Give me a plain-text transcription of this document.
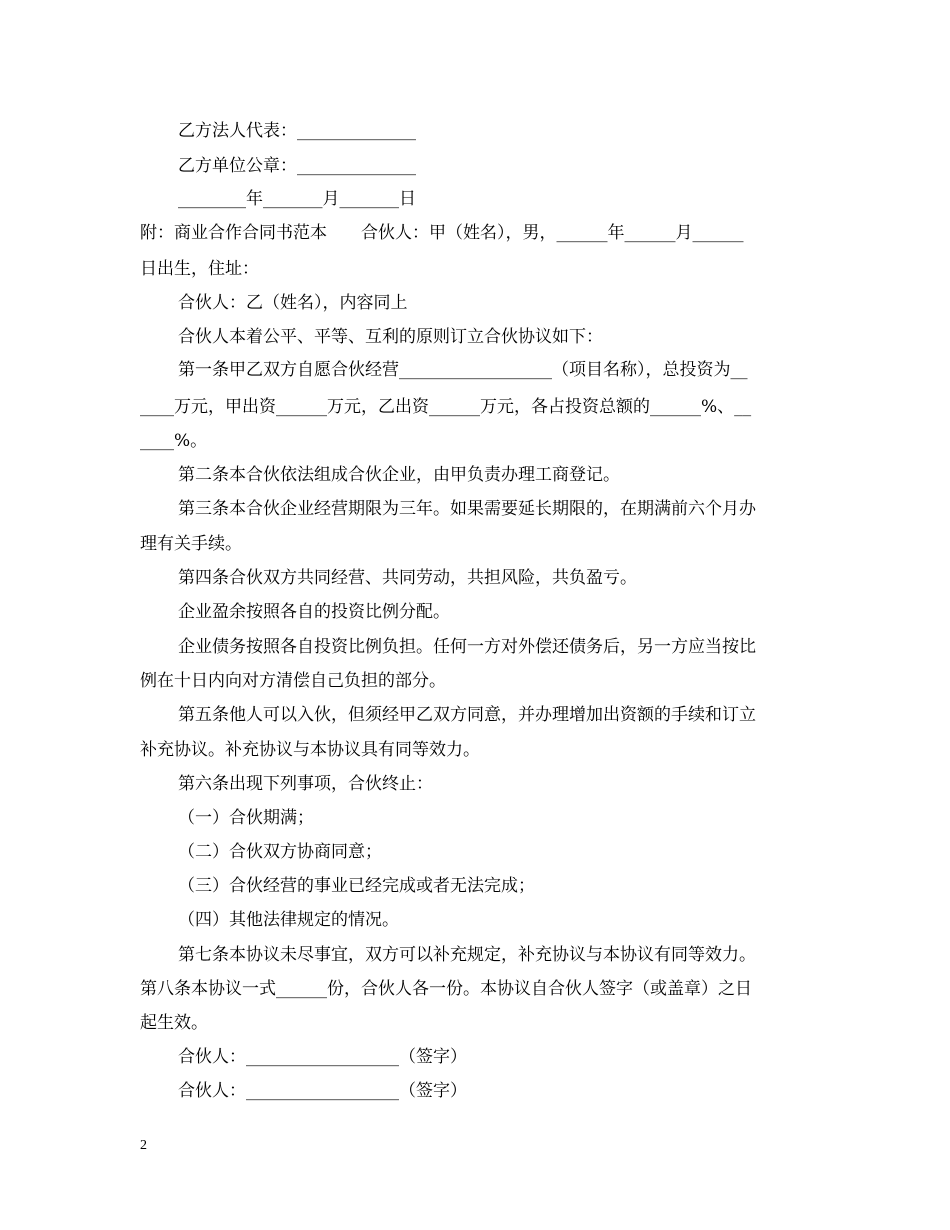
乙方法人代表：______________
乙方单位公章：______________
________年_______月_______日
附：商业合作合同书范本　　合伙人：甲（姓名），男，______年______月______
日出生，住址：
合伙人：乙（姓名），内容同上
合伙人本着公平、平等、互利的原则订立合伙协议如下：
第一条甲乙双方自愿合伙经营__________________（项目名称），总投资为__
____万元，甲出资______万元，乙出资______万元，各占投资总额的______%、__
____%。
第二条本合伙依法组成合伙企业，由甲负责办理工商登记。
第三条本合伙企业经营期限为三年。如果需要延长期限的，在期满前六个月办
理有关手续。
第四条合伙双方共同经营、共同劳动，共担风险，共负盈亏。
企业盈余按照各自的投资比例分配。
企业债务按照各自投资比例负担。任何一方对外偿还债务后，另一方应当按比
例在十日内向对方清偿自己负担的部分。
第五条他人可以入伙，但须经甲乙双方同意，并办理增加出资额的手续和订立
补充协议。补充协议与本协议具有同等效力。
第六条出现下列事项，合伙终止：
（一）合伙期满；
（二）合伙双方协商同意；
（三）合伙经营的事业已经完成或者无法完成；
（四）其他法律规定的情况。
第七条本协议未尽事宜，双方可以补充规定，补充协议与本协议有同等效力。
第八条本协议一式______份，合伙人各一份。本协议自合伙人签字（或盖章）之日
起生效。
合伙人：__________________（签字）
合伙人：__________________（签字）
2
